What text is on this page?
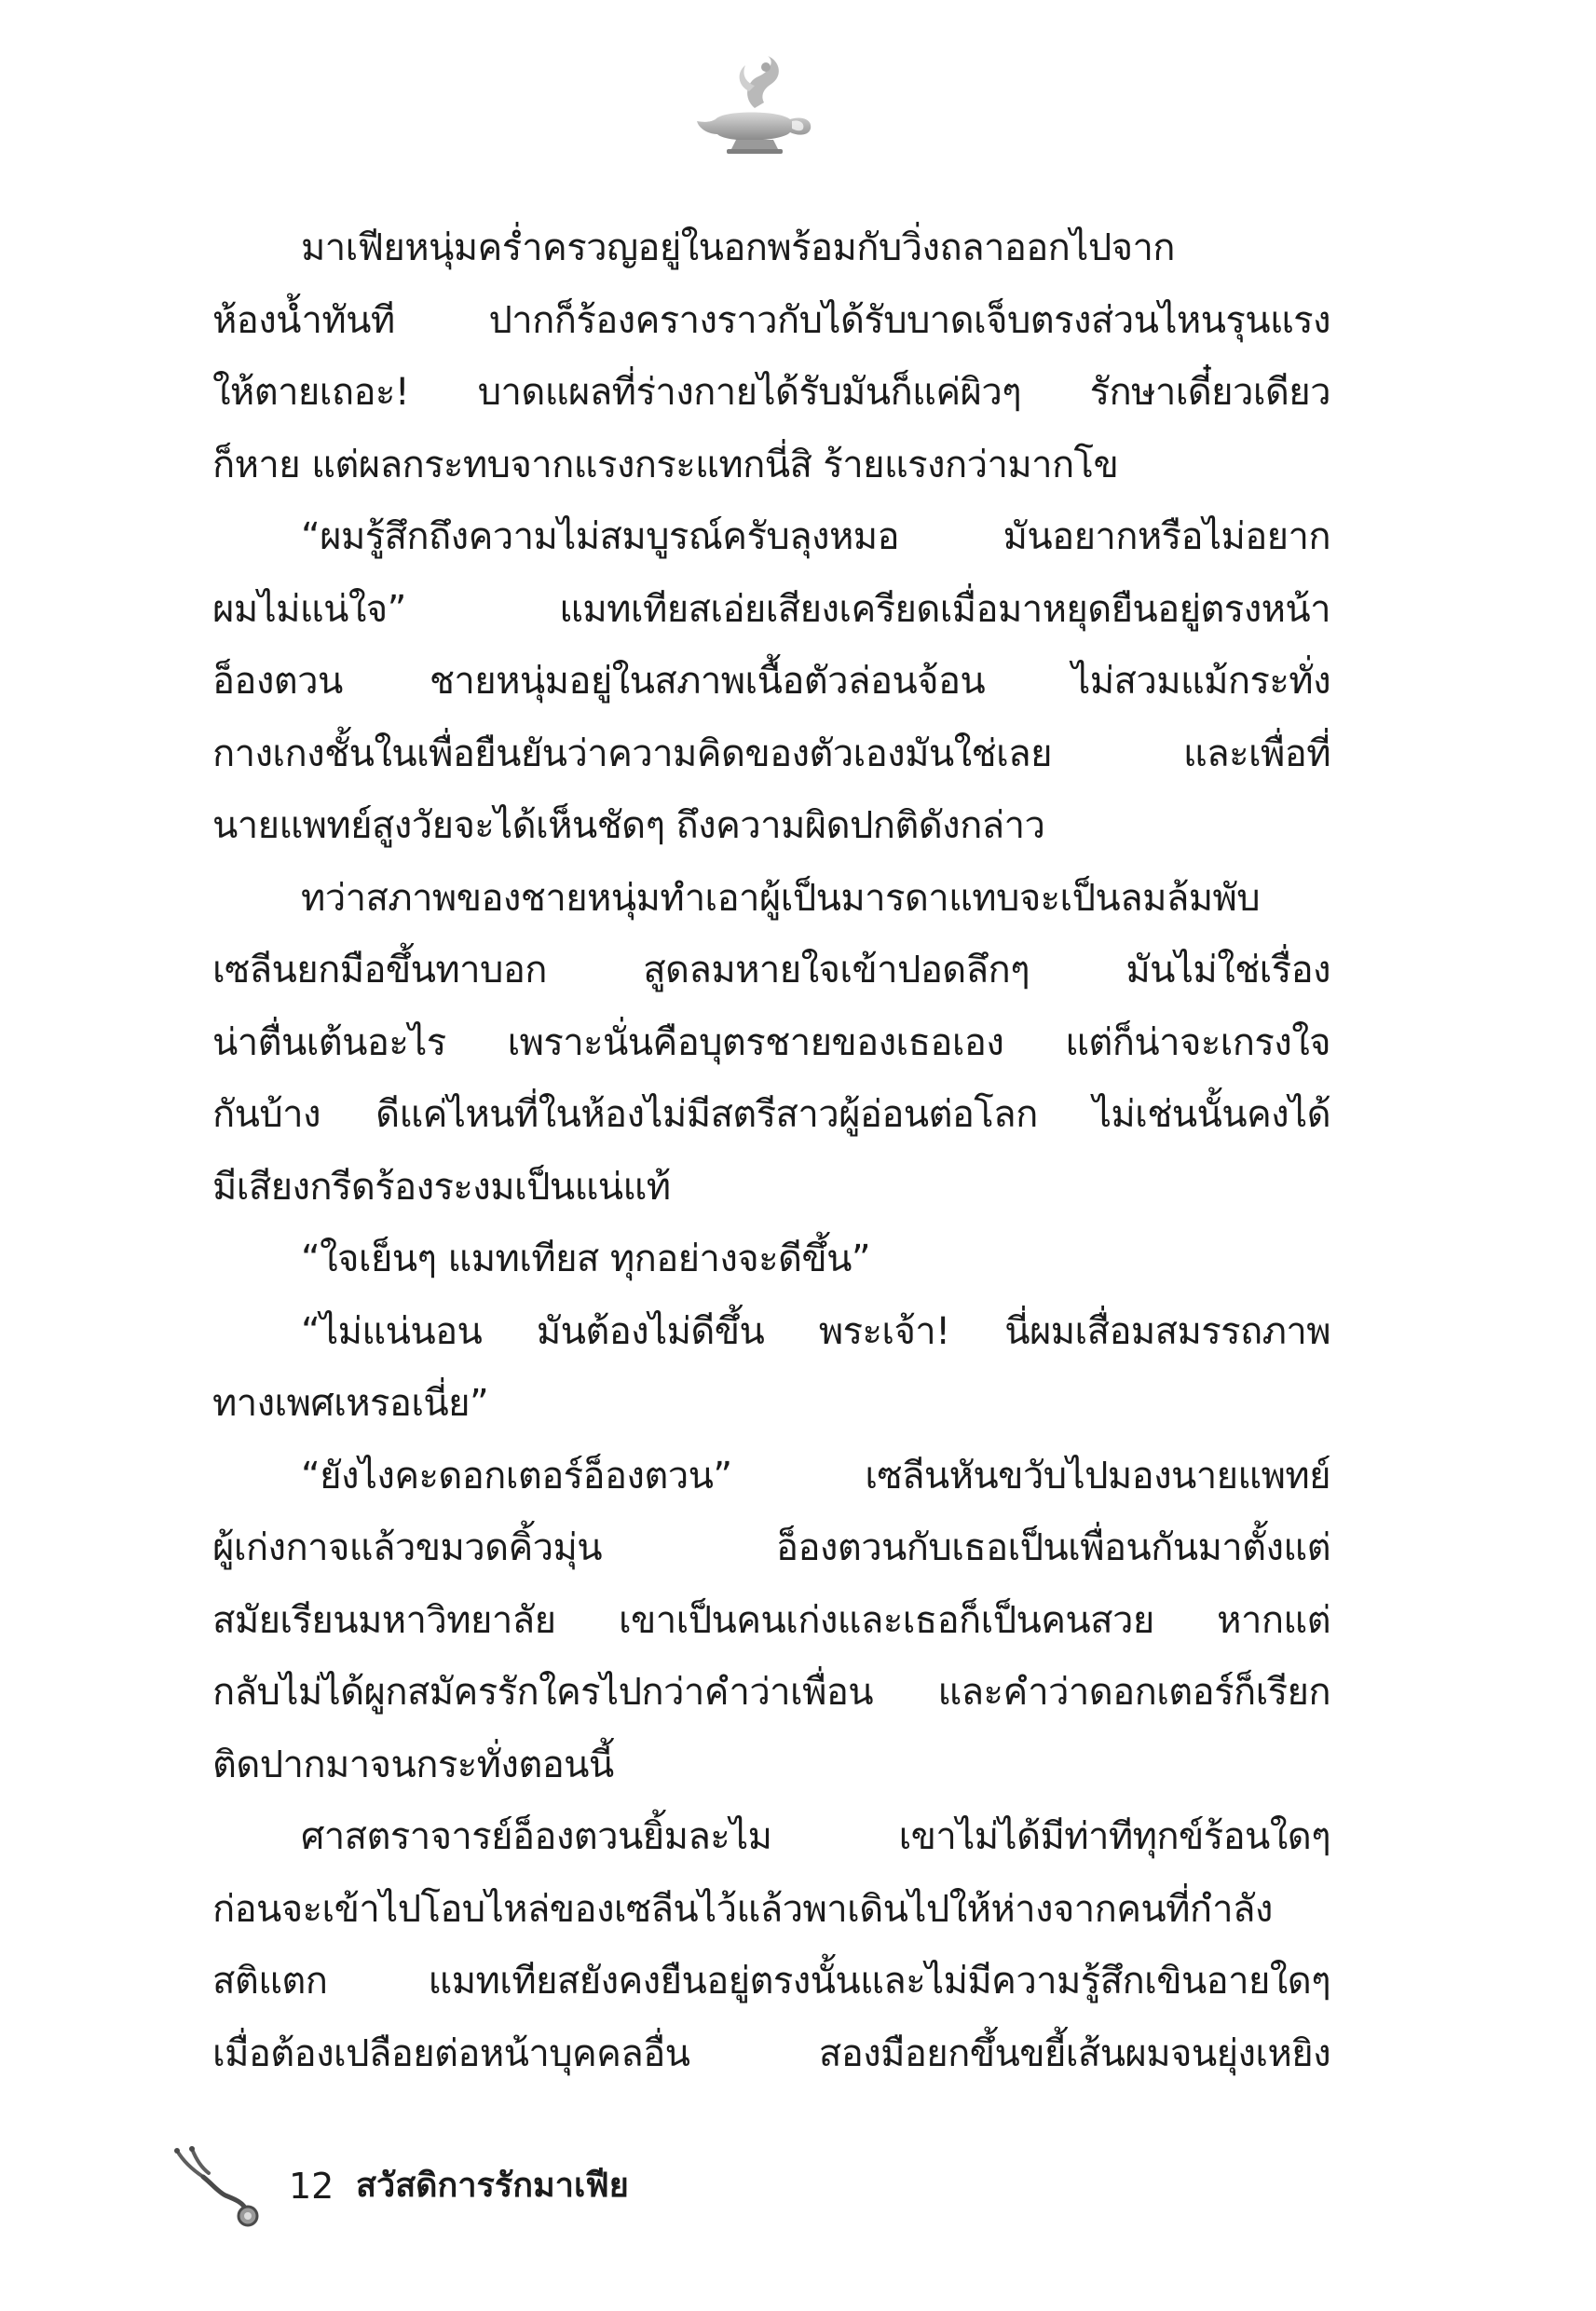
มาเฟียหนุ่มคร่ำครวญอยู่ในอกพร้อมกับวิ่งถลาออกไปจาก
ห้องน้ำทันที ปากก็ร้องครางราวกับได้รับบาดเจ็บตรงส่วนไหนรุนแรง
ให้ตายเถอะ! บาดแผลที่ร่างกายได้รับมันก็แค่ผิวๆ รักษาเดี๋ยวเดียว
ก็หาย แต่ผลกระทบจากแรงกระแทกนี่สิ ร้ายแรงกว่ามากโข
“ผมรู้สึกถึงความไม่สมบูรณ์ครับลุงหมอ มันอยากหรือไม่อยาก
ผมไม่แน่ใจ” แมทเทียสเอ่ยเสียงเครียดเมื่อมาหยุดยืนอยู่ตรงหน้า
อ็องตวน ชายหนุ่มอยู่ในสภาพเนื้อตัวล่อนจ้อน ไม่สวมแม้กระทั่ง
กางเกงชั้นในเพื่อยืนยันว่าความคิดของตัวเองมันใช่เลย และเพื่อที่
นายแพทย์สูงวัยจะได้เห็นชัดๆ ถึงความผิดปกติดังกล่าว
ทว่าสภาพของชายหนุ่มทำเอาผู้เป็นมารดาแทบจะเป็นลมล้มพับ
เซลีนยกมือขึ้นทาบอก สูดลมหายใจเข้าปอดลึกๆ มันไม่ใช่เรื่อง
น่าตื่นเต้นอะไร เพราะนั่นคือบุตรชายของเธอเอง แต่ก็น่าจะเกรงใจ
กันบ้าง ดีแค่ไหนที่ในห้องไม่มีสตรีสาวผู้อ่อนต่อโลก ไม่เช่นนั้นคงได้
มีเสียงกรีดร้องระงมเป็นแน่แท้
“ใจเย็นๆ แมทเทียส ทุกอย่างจะดีขึ้น”
“ไม่แน่นอน มันต้องไม่ดีขึ้น พระเจ้า! นี่ผมเสื่อมสมรรถภาพ
ทางเพศเหรอเนี่ย”
“ยังไงคะดอกเตอร์อ็องตวน” เซลีนหันขวับไปมองนายแพทย์
ผู้เก่งกาจแล้วขมวดคิ้วมุ่น อ็องตวนกับเธอเป็นเพื่อนกันมาตั้งแต่
สมัยเรียนมหาวิทยาลัย เขาเป็นคนเก่งและเธอก็เป็นคนสวย หากแต่
กลับไม่ได้ผูกสมัครรักใครไปกว่าคำว่าเพื่อน และคำว่าดอกเตอร์ก็เรียก
ติดปากมาจนกระทั่งตอนนี้
ศาสตราจารย์อ็องตวนยิ้มละไม เขาไม่ได้มีท่าทีทุกข์ร้อนใดๆ
ก่อนจะเข้าไปโอบไหล่ของเซลีนไว้แล้วพาเดินไปให้ห่างจากคนที่กำลัง
สติแตก แมทเทียสยังคงยืนอยู่ตรงนั้นและไม่มีความรู้สึกเขินอายใดๆ
เมื่อต้องเปลือยต่อหน้าบุคคลอื่น สองมือยกขึ้นขยี้เส้นผมจนยุ่งเหยิง
12 สวัสดิการรักมาเฟีย
